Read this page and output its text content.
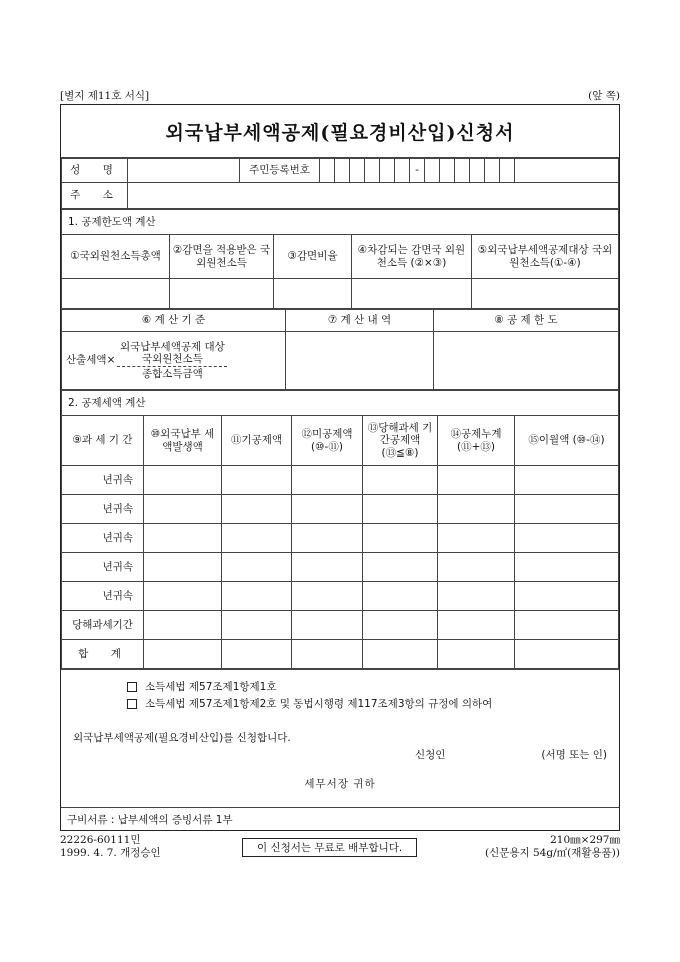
[별지 제11호 서식]	(앞 쪽)
외국납부세액공제(필요경비산입)신청서
성　명		주민등록번호							-							
주　소																
1. 공제한도액 계산				
①국외원천소득총액	②감면을 적용받은 국외원천소득	③감면비율	④차감되는 감면국 외원천소득 (②×③)	⑤외국납부세액공제대상 국외원천소득(①-④)

⑥ 계 산 기 준	⑦ 계 산 내 역	⑧ 공 제 한 도

산출세액× $\frac{\text{외국납부세액공제 대상 국외원천소득}}{\text{종합소득금액}}$

2. 공제세액 계산						
⑨과 세 기 간	⑩외국납부 세액발생액	⑪기공제액	⑫미공제액 (⑩-⑪)	⑬당해과세 기간공제액 (⑬≦⑧)	⑭공제누계 (⑪+⑬)	⑮이월액 (⑩-⑭)
년귀속						
년귀속						
년귀속						
년귀속						
년귀속						
당해과세기간						
합　계						
소득세법 제57조제1항제1호
소득세법 제57조제1항제2호 및 동법시행령 제117조제3항의 규정에 의하여
외국납부세액공제(필요경비산입)를 신청합니다.
신청인	(서명 또는 인)
세무서장 귀하
구비서류 : 납부세액의 증빙서류 1부
22226-60111민
1999. 4. 7. 개정승인	이 신청서는 무료로 배부합니다.
210㎜×297㎜
(신문용지 54g/㎡(재활용품))
